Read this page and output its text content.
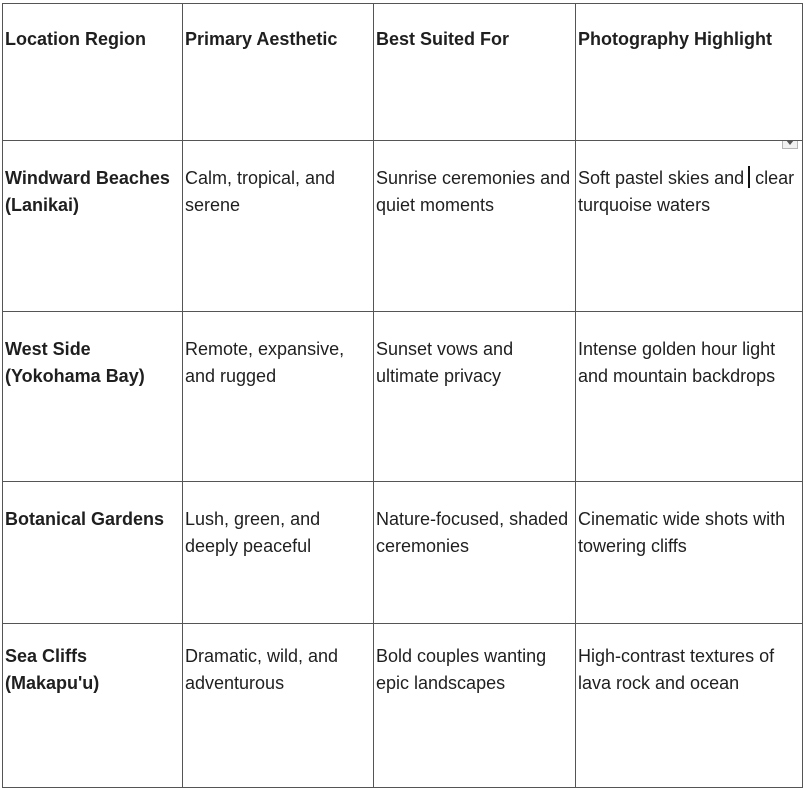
Location Region	Primary Aesthetic	Best Suited For	Photography Highlight
Windward Beaches (Lanikai)	Calm, tropical, and serene	Sunrise ceremonies and quiet moments	Soft pastel skies and clear turquoise waters

West Side (Yokohama Bay)	Remote, expansive, and rugged	Sunset vows and ultimate privacy	Intense golden hour light and mountain backdrops
Botanical Gardens	Lush, green, and deeply peaceful	Nature-focused, shaded ceremonies	Cinematic wide shots with towering cliffs
Sea Cliffs (Makapu'u)	Dramatic, wild, and adventurous	Bold couples wanting epic landscapes	High-contrast textures of lava rock and ocean
